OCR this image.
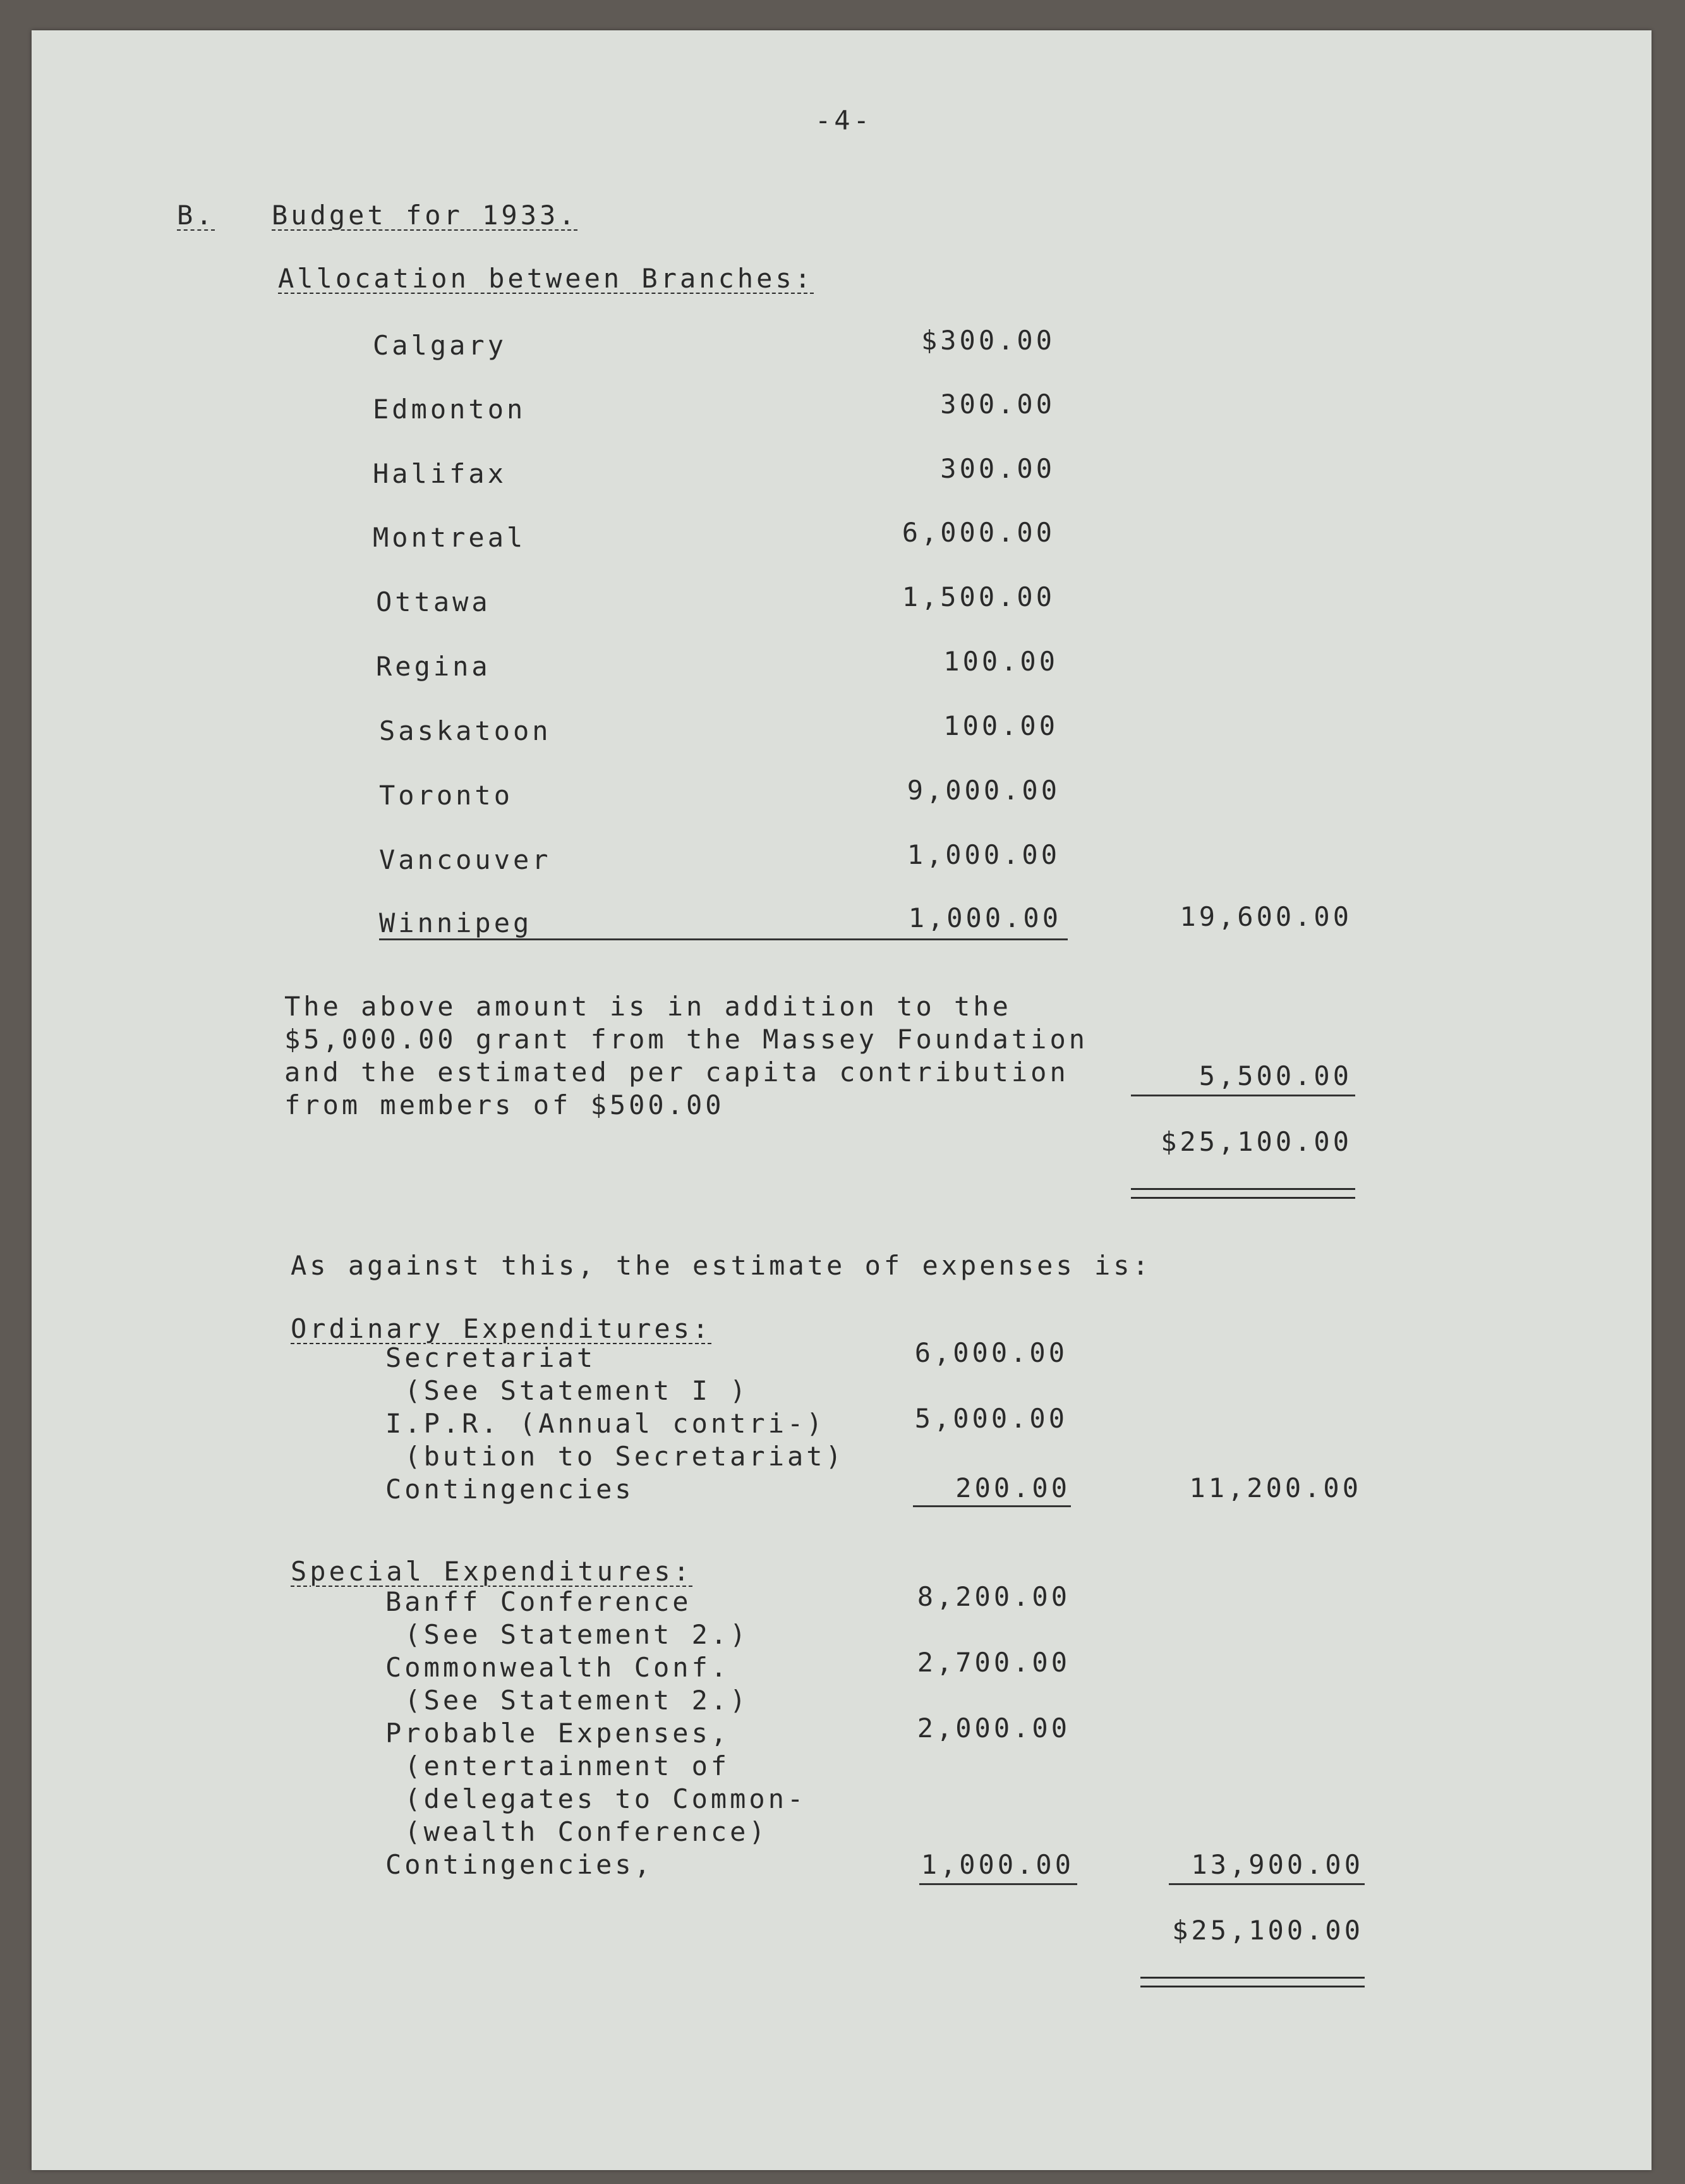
-4-
B. Budget for 1933.
Allocation between Branches:
Calgary	$300.00
Edmonton	300.00
Halifax	300.00
Montreal	6,000.00
Ottawa	1,500.00
Regina	100.00
Saskatoon	100.00
Toronto	9,000.00
Vancouver	1,000.00
Winnipeg	1,000.00	19,600.00
The above amount is in addition to the
$5,000.00 grant from the Massey Foundation
and the estimated per capita contribution
from members of $500.00
5,500.00
$25,100.00
As against this, the estimate of expenses is:
Ordinary Expenditures:
Secretariat	6,000.00
(See Statement I )
I.P.R. (Annual contri-)	5,000.00
(bution to Secretariat)
Contingencies	200.00	11,200.00
Special Expenditures:
Banff Conference	8,200.00
(See Statement 2.)
Commonwealth Conf.	2,700.00
(See Statement 2.)
Probable Expenses,	2,000.00
(entertainment of
(delegates to Common-
(wealth Conference)
Contingencies,	1,000.00	13,900.00
$25,100.00
